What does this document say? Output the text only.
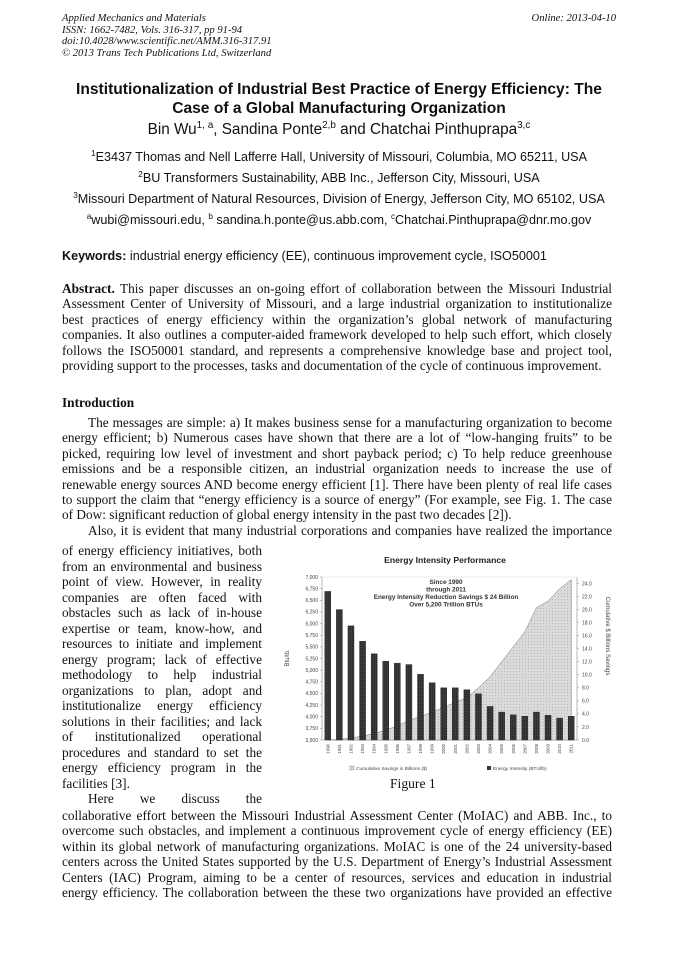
Applied Mechanics and Materials
ISSN: 1662-7482, Vols. 316-317, pp 91-94
doi:10.4028/www.scientific.net/AMM.316-317.91
© 2013 Trans Tech Publications Ltd, Switzerland
Online: 2013-04-10
Institutionalization of Industrial Best Practice of Energy Efficiency: The
Case of a Global Manufacturing Organization
Bin Wu$^{1, a}$, Sandina Ponte$^{2,b}$ and Chatchai Pinthuprapa$^{3,c}$
$^1$E3437 Thomas and Nell Lafferre Hall, University of Missouri, Columbia, MO 65211, USA
$^2$BU Transformers Sustainability, ABB Inc., Jefferson City, Missouri, USA
$^3$Missouri Department of Natural Resources, Division of Energy, Jefferson City, MO 65102, USA
$^a$wubi@missouri.edu, $^b$ sandina.h.ponte@us.abb.com, $^c$Chatchai.Pinthuprapa@dnr.mo.gov
Keywords: industrial energy efficiency (EE), continuous improvement cycle, ISO50001
Abstract. This paper discusses an on-going effort of collaboration between the Missouri Industrial
Assessment Center of University of Missouri, and a large industrial organization to institutionalize
best practices of energy efficiency within the organization’s global network of manufacturing
companies. It also outlines a computer-aided framework developed to help such effort, which closely
follows the ISO50001 standard, and represents a comprehensive knowledge base and project tool,
providing support to the processes, tasks and documentation of the cycle of continuous improvement.
Introduction
The messages are simple: a) It makes business sense for a manufacturing organization to become
energy efficient; b) Numerous cases have shown that there are a lot of “low-hanging fruits” to be
picked, requiring low level of investment and short payback period; c) To help reduce greenhouse
emissions and be a responsible citizen, an industrial organization needs to increase the use of
renewable energy sources AND become energy efficient [1]. There have been plenty of real life cases
to support the claim that “energy efficiency is a source of energy” (For example, see Fig. 1. The case
of Dow: significant reduction of global energy intensity in the past two decades [2]).
Also, it is evident that many industrial corporations and companies have realized the importance
of energy efficiency initiatives, both
from an environmental and business
point of view. However, in reality
companies are often faced with
obstacles such as lack of in-house
expertise or team, know-how, and
resources to initiate and implement
energy program; lack of effective
methodology to help industrial
organizations to plan, adopt and
institutionalize energy efficiency
solutions in their facilities; and lack
of institutionalized operational
procedures and standard to set the
energy efficiency program in the
facilities [3].
Here we discuss the
collaborative effort between the Missouri Industrial Assessment Center (MoIAC) and ABB. Inc., to
overcome such obstacles, and implement a continuous improvement cycle of energy efficiency (EE)
within its global network of manufacturing organizations. MoIAC is one of the 24 university-based
centers across the United States supported by the U.S. Department of Energy’s Industrial Assessment
Centers (IAC) Program, aiming to be a center of resources, services and education in industrial
energy efficiency. The collaboration between the these two organizations have provided an effective
Energy Intensity Performance
Since 1990
through 2011
Energy Intensity Reduction Savings $ 24 Billion
Over 5,200 Trillion BTUs
3,500
3,750
4,000
4,250
4,500
4,750
5,000
5,250
5,500
5,750
6,000
6,250
6,500
6,750
7,000
0.0
2.0
4.0
6.0
8.0
10.0
12.0
14.0
16.0
18.0
20.0
22.0
24.0
1990 1991 1992 1993 1994 1995 1996 1997 1998 1999 2000 2001 2002 2003 2004 2005 2006 2007 2008 2009 2010 2011
Btu/lb.	Cumulative $ Billions Savings
Cumulative Savings in Billions ($)	Energy Intensity (BTU/lb)
Figure 1
